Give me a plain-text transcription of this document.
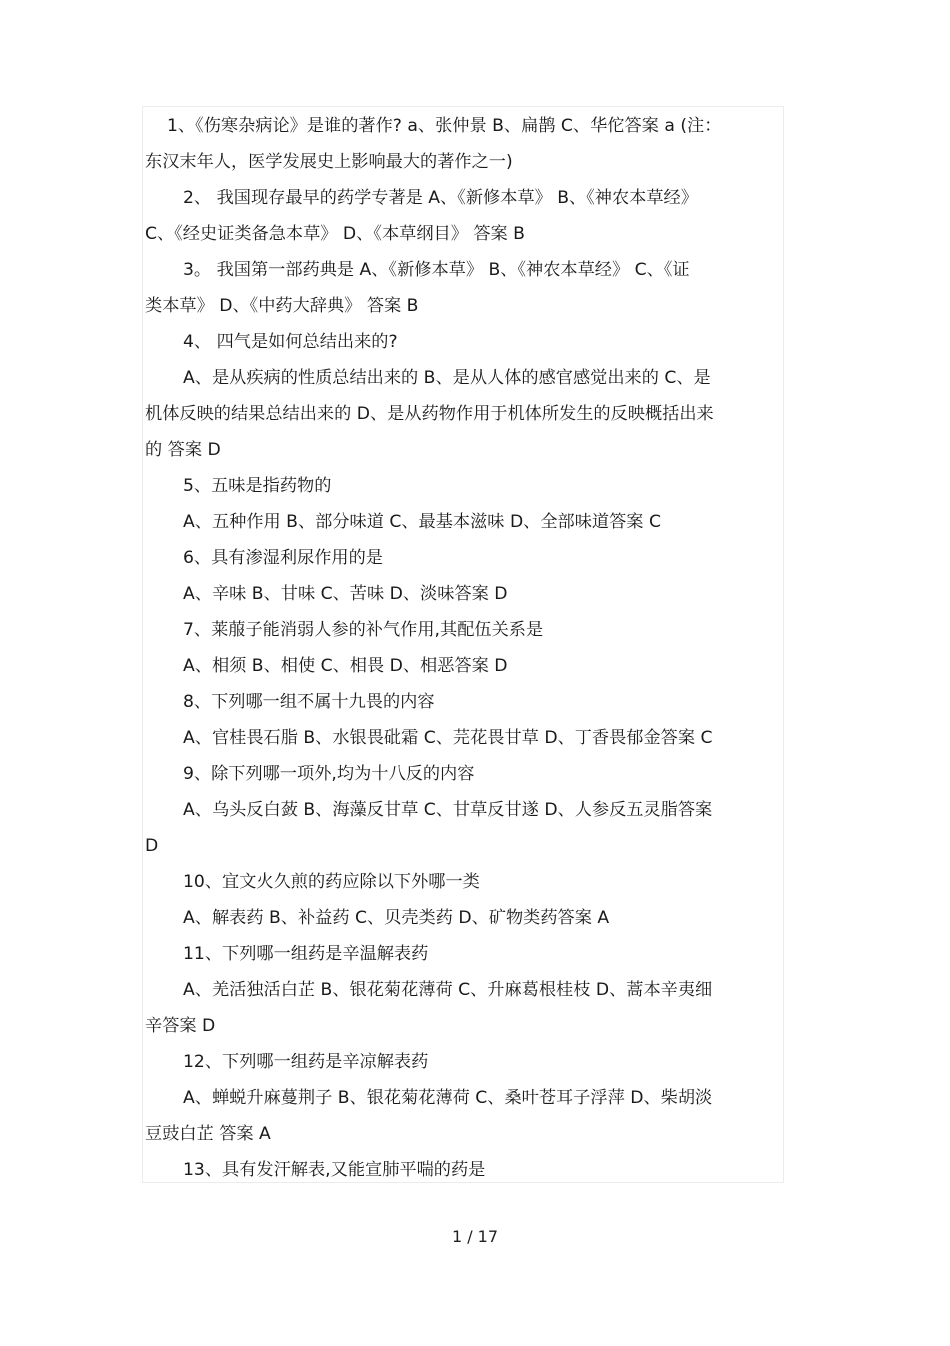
1、《伤寒杂病论》是谁的著作? a、张仲景 B、扁鹊 C、华佗答案 a (注：
东汉末年人，医学发展史上影响最大的著作之一)
2、 我国现存最早的药学专著是 A、《新修本草》 B、《神农本草经》
C、《经史证类备急本草》 D、《本草纲目》 答案 B
3。 我国第一部药典是 A、《新修本草》 B、《神农本草经》 C、《证
类本草》 D、《中药大辞典》 答案 B
4、 四气是如何总结出来的?
A、是从疾病的性质总结出来的 B、是从人体的感官感觉出来的 C、是
机体反映的结果总结出来的 D、是从药物作用于机体所发生的反映概括出来
的 答案 D
5、五味是指药物的
A、五种作用 B、部分味道 C、最基本滋味 D、全部味道答案 C
6、具有渗湿利尿作用的是
A、辛味 B、甘味 C、苦味 D、淡味答案 D
7、莱菔子能消弱人参的补气作用,其配伍关系是
A、相须 B、相使 C、相畏 D、相恶答案 D
8、下列哪一组不属十九畏的内容
A、官桂畏石脂 B、水银畏砒霜 C、芫花畏甘草 D、丁香畏郁金答案 C
9、除下列哪一项外,均为十八反的内容
A、乌头反白蔹 B、海藻反甘草 C、甘草反甘遂 D、人参反五灵脂答案
D
10、宜文火久煎的药应除以下外哪一类
A、解表药 B、补益药 C、贝壳类药 D、矿物类药答案 A
11、下列哪一组药是辛温解表药
A、羌活独活白芷 B、银花菊花薄荷 C、升麻葛根桂枝 D、蒿本辛夷细
辛答案 D
12、下列哪一组药是辛凉解表药
A、蝉蜕升麻蔓荆子 B、银花菊花薄荷 C、桑叶苍耳子浮萍 D、柴胡淡
豆豉白芷 答案 A
13、具有发汗解表,又能宣肺平喘的药是
1 / 17
